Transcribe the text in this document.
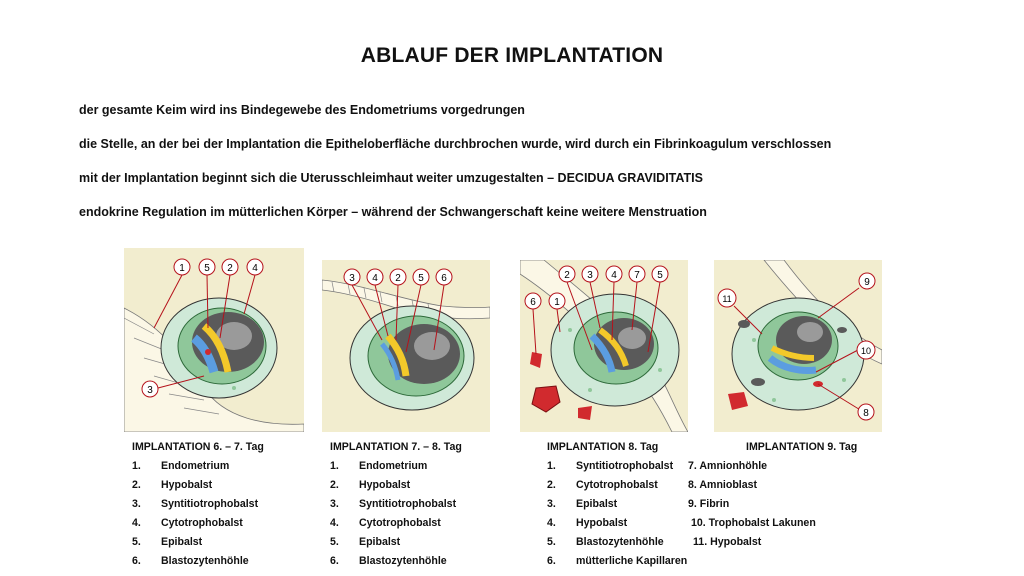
ABLAUF DER IMPLANTATION
der gesamte Keim wird ins Bindegewebe des Endometriums vorgedrungen
die Stelle, an der bei der Implantation die Epitheloberfläche durchbrochen wurde, wird durch ein Fibrinkoagulum verschlossen
mit der Implantation beginnt sich die Uterusschleimhaut weiter umzugestalten – DECIDUA GRAVIDITATIS
endokrine Regulation im mütterlichen Körper – während der Schwangerschaft keine weitere Menstruation
1 5 2 4
3
3 4 2 5 6	2 3 4 7 5
6 1	11
9
10
8
IMPLANTATION 6. – 7. Tag
1. Endometrium
2. Hypobalst
3. Syntitiotrophobalst
4. Cytotrophobalst
5. Epibalst
6. Blastozytenhöhle
IMPLANTATION 7. – 8. Tag
1. Endometrium
2. Hypobalst
3. Syntitiotrophobalst
4. Cytotrophobalst
5. Epibalst
6. Blastozytenhöhle
IMPLANTATION 8. Tag
1. Syntitiotrophobalst 7. Amnionhöhle
2. Cytotrophobalst	8. Amnioblast
3. Epibalst	9. Fibrin
4. Hypobalst	10. Trophobalst Lakunen
5. Blastozytenhöhle	11. Hypobalst
6. mütterliche Kapillaren
IMPLANTATION 9. Tag
